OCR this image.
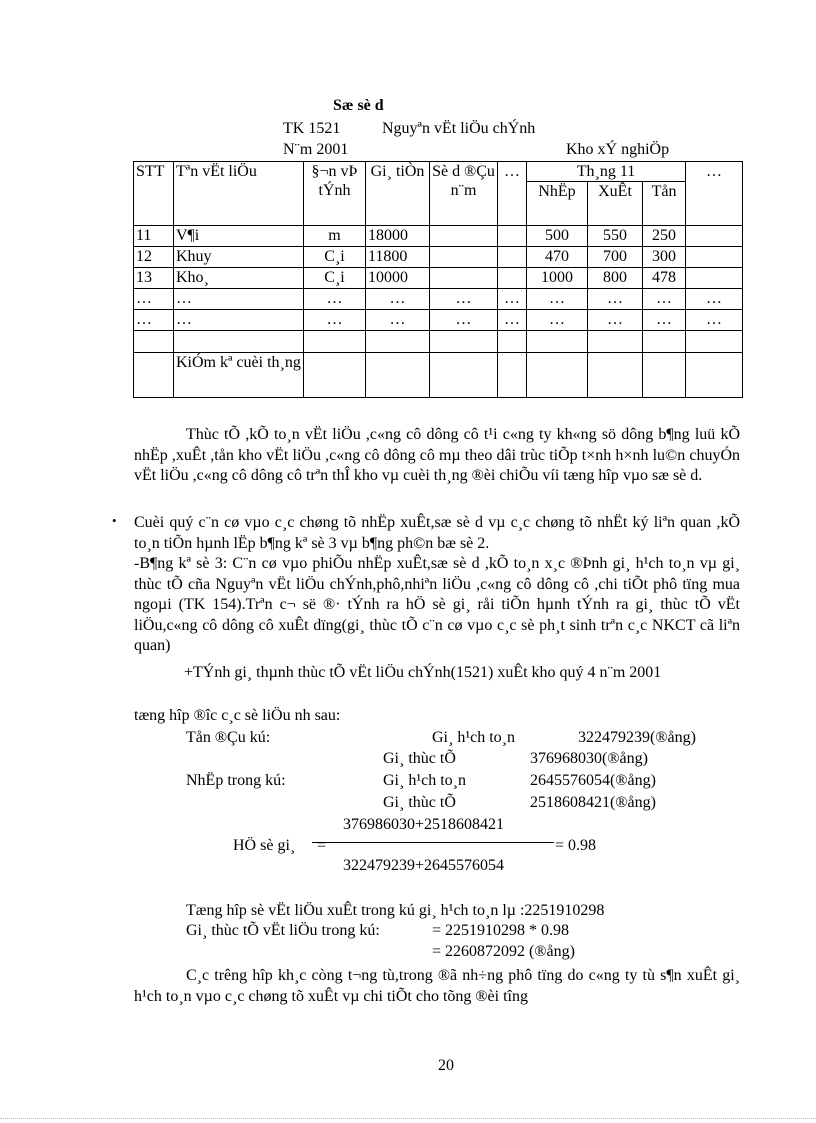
Sæ sè d
TK 1521	Nguyªn vËt liÖu chÝnh
N¨m 2001	Kho xÝ nghiÖp
STT	Tªn vËt liÖu	§¬n vÞ tÝnh	Gi¸ tiÒn	Sè d ®Çu n¨m	…	Th¸ng 11			…
						NhËp	XuÊt	Tån	
11	V¶i	m	18000			500	550	250	
12	Khuy	C¸i	11800			470	700	300	
13	Kho¸	C¸i	10000			1000	800	478	
…	…	…	…	…	…	…	…	…	…
…	…	…	…	…	…	…	…	…	…

	KiÓm kª cuèi th¸ng								
Thùc tÕ ,kÕ to¸n vËt liÖu ,c«ng cô dông cô t¹i c«ng ty kh«ng sö dông b¶ng luü kÕ nhËp ,xuÊt ,tån kho vËt liÖu ,c«ng cô dông cô mµ theo dâi trùc tiÕp t×nh h×nh lu©n chuyÓn vËt liÖu ,c«ng cô dông cô trªn thÎ kho vµ cuèi th¸ng ®èi chiÕu víi tæng hîp vµo sæ sè d.
• Cuèi quý c¨n cø vµo c¸c chøng tõ nhËp xuÊt,sæ sè d vµ c¸c chøng tõ nhËt ký liªn quan ,kÕ to¸n tiÕn hµnh lËp b¶ng kª sè 3 vµ b¶ng ph©n bæ sè 2.
-B¶ng kª sè 3: C¨n cø vµo phiÕu nhËp xuÊt,sæ sè d ,kÕ to¸n x¸c ®Þnh gi¸ h¹ch to¸n vµ gi¸ thùc tÕ cña Nguyªn vËt liÖu chÝnh,phô,nhiªn liÖu ,c«ng cô dông cô ,chi tiÕt phô tïng mua ngoµi (TK 154).Trªn c¬ së ®· tÝnh ra hÖ sè gi¸ råi tiÕn hµnh tÝnh ra gi¸ thùc tÕ vËt liÖu,c«ng cô dông cô xuÊt dïng(gi¸ thùc tÕ c¨n cø vµo c¸c sè ph¸t sinh trªn c¸c NKCT cã liªn quan)
+TÝnh gi¸ thµnh thùc tÕ vËt liÖu chÝnh(1521) xuÊt kho quý 4 n¨m 2001
tæng hîp ®îc c¸c sè liÖu nh sau:
Tån ®Çu kú:	Gi¸ h¹ch to¸n	322479239(®ång)
Gi¸ thùc tÕ	376968030(®ång)
NhËp trong kú:	Gi¸ h¹ch to¸n	2645576054(®ång)
Gi¸ thùc tÕ	2518608421(®ång)
376986030+2518608421
HÖ sè gi¸ =	= 0.98
322479239+2645576054
Tæng hîp sè vËt liÖu xuÊt trong kú gi¸ h¹ch to¸n lµ :2251910298
Gi¸ thùc tÕ vËt liÖu trong kú:	= 2251910298 * 0.98
= 2260872092 (®ång)
C¸c trêng hîp kh¸c còng t¬ng tù,trong ®ã nh÷ng phô tïng do c«ng ty tù s¶n xuÊt gi¸ h¹ch to¸n vµo c¸c chøng tõ xuÊt vµ chi tiÕt cho tõng ®èi tîng
20
